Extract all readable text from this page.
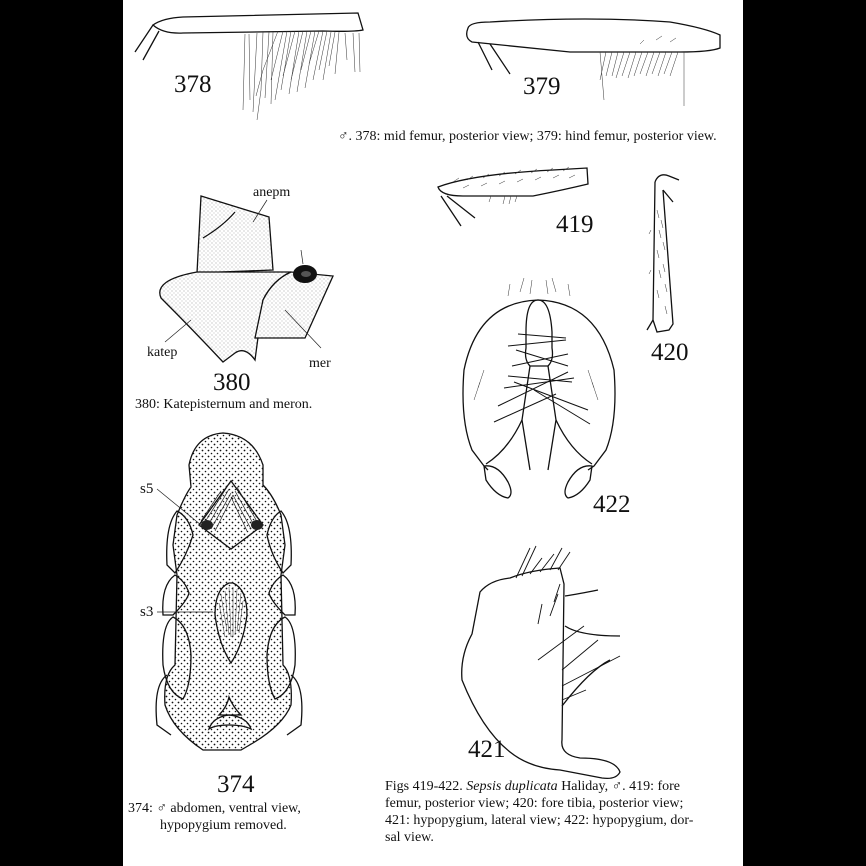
378	379
♂. 378: mid femur, posterior view; 379: hind femur, posterior view.
anepm
katep
mer
380
380: Katepisternum and meron.
s5
s3
374
374: ♂ abdomen, ventral view,
hypopygium removed.
419
420
422
421
Figs 419-422. Sepsis duplicata Haliday, ♂. 419: fore
femur, posterior view; 420: fore tibia, posterior view;
421: hypopygium, lateral view; 422: hypopygium, dor-
sal view.
